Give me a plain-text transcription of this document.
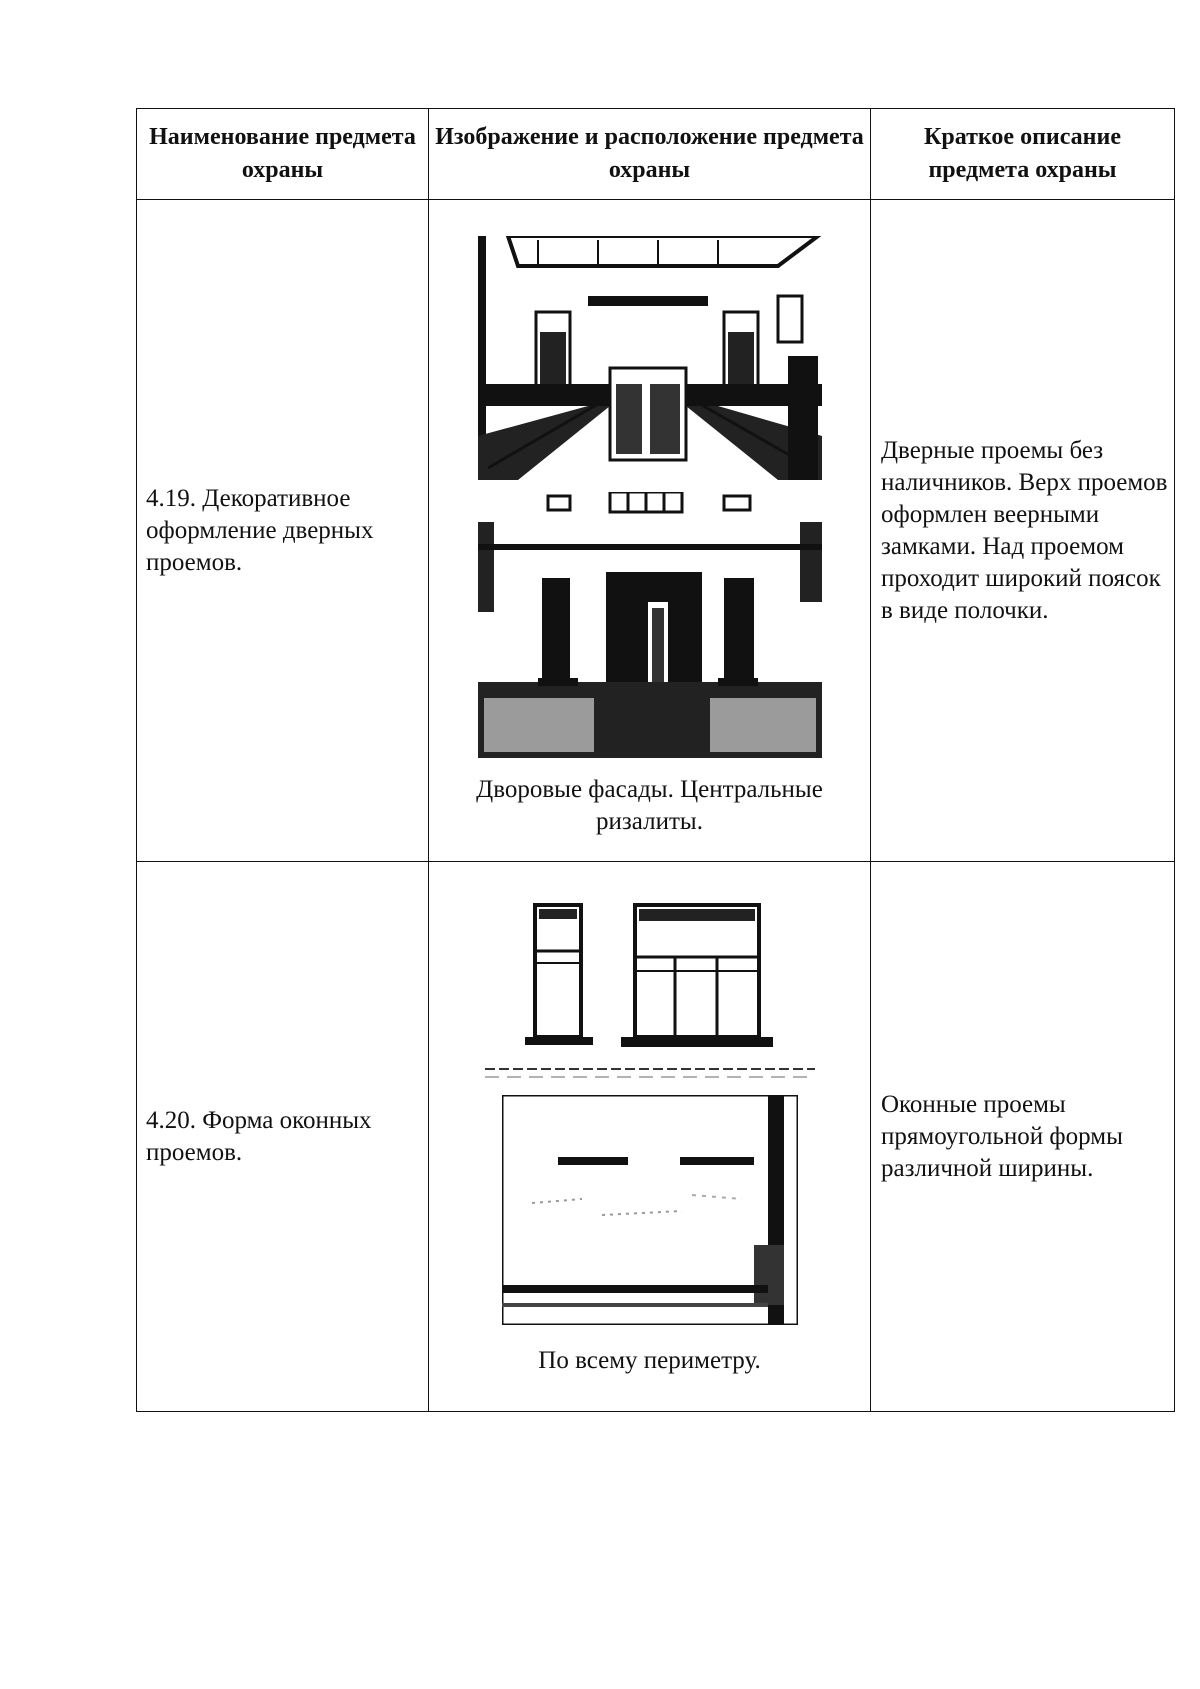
Наименование предмета охраны	Изображение и расположение предмета охраны	Краткое описание предмета охраны
4.19. Декоративное оформление дверных проемов.	Дворовые фасады. Центральные ризалиты.	Дверные проемы без наличников. Верх проемов оформлен веерными замками. Над проемом проходит широкий поясок в виде полочки.
4.20. Форма оконных проемов.	По всему периметру.	Оконные проемы прямоугольной формы различной ширины.
